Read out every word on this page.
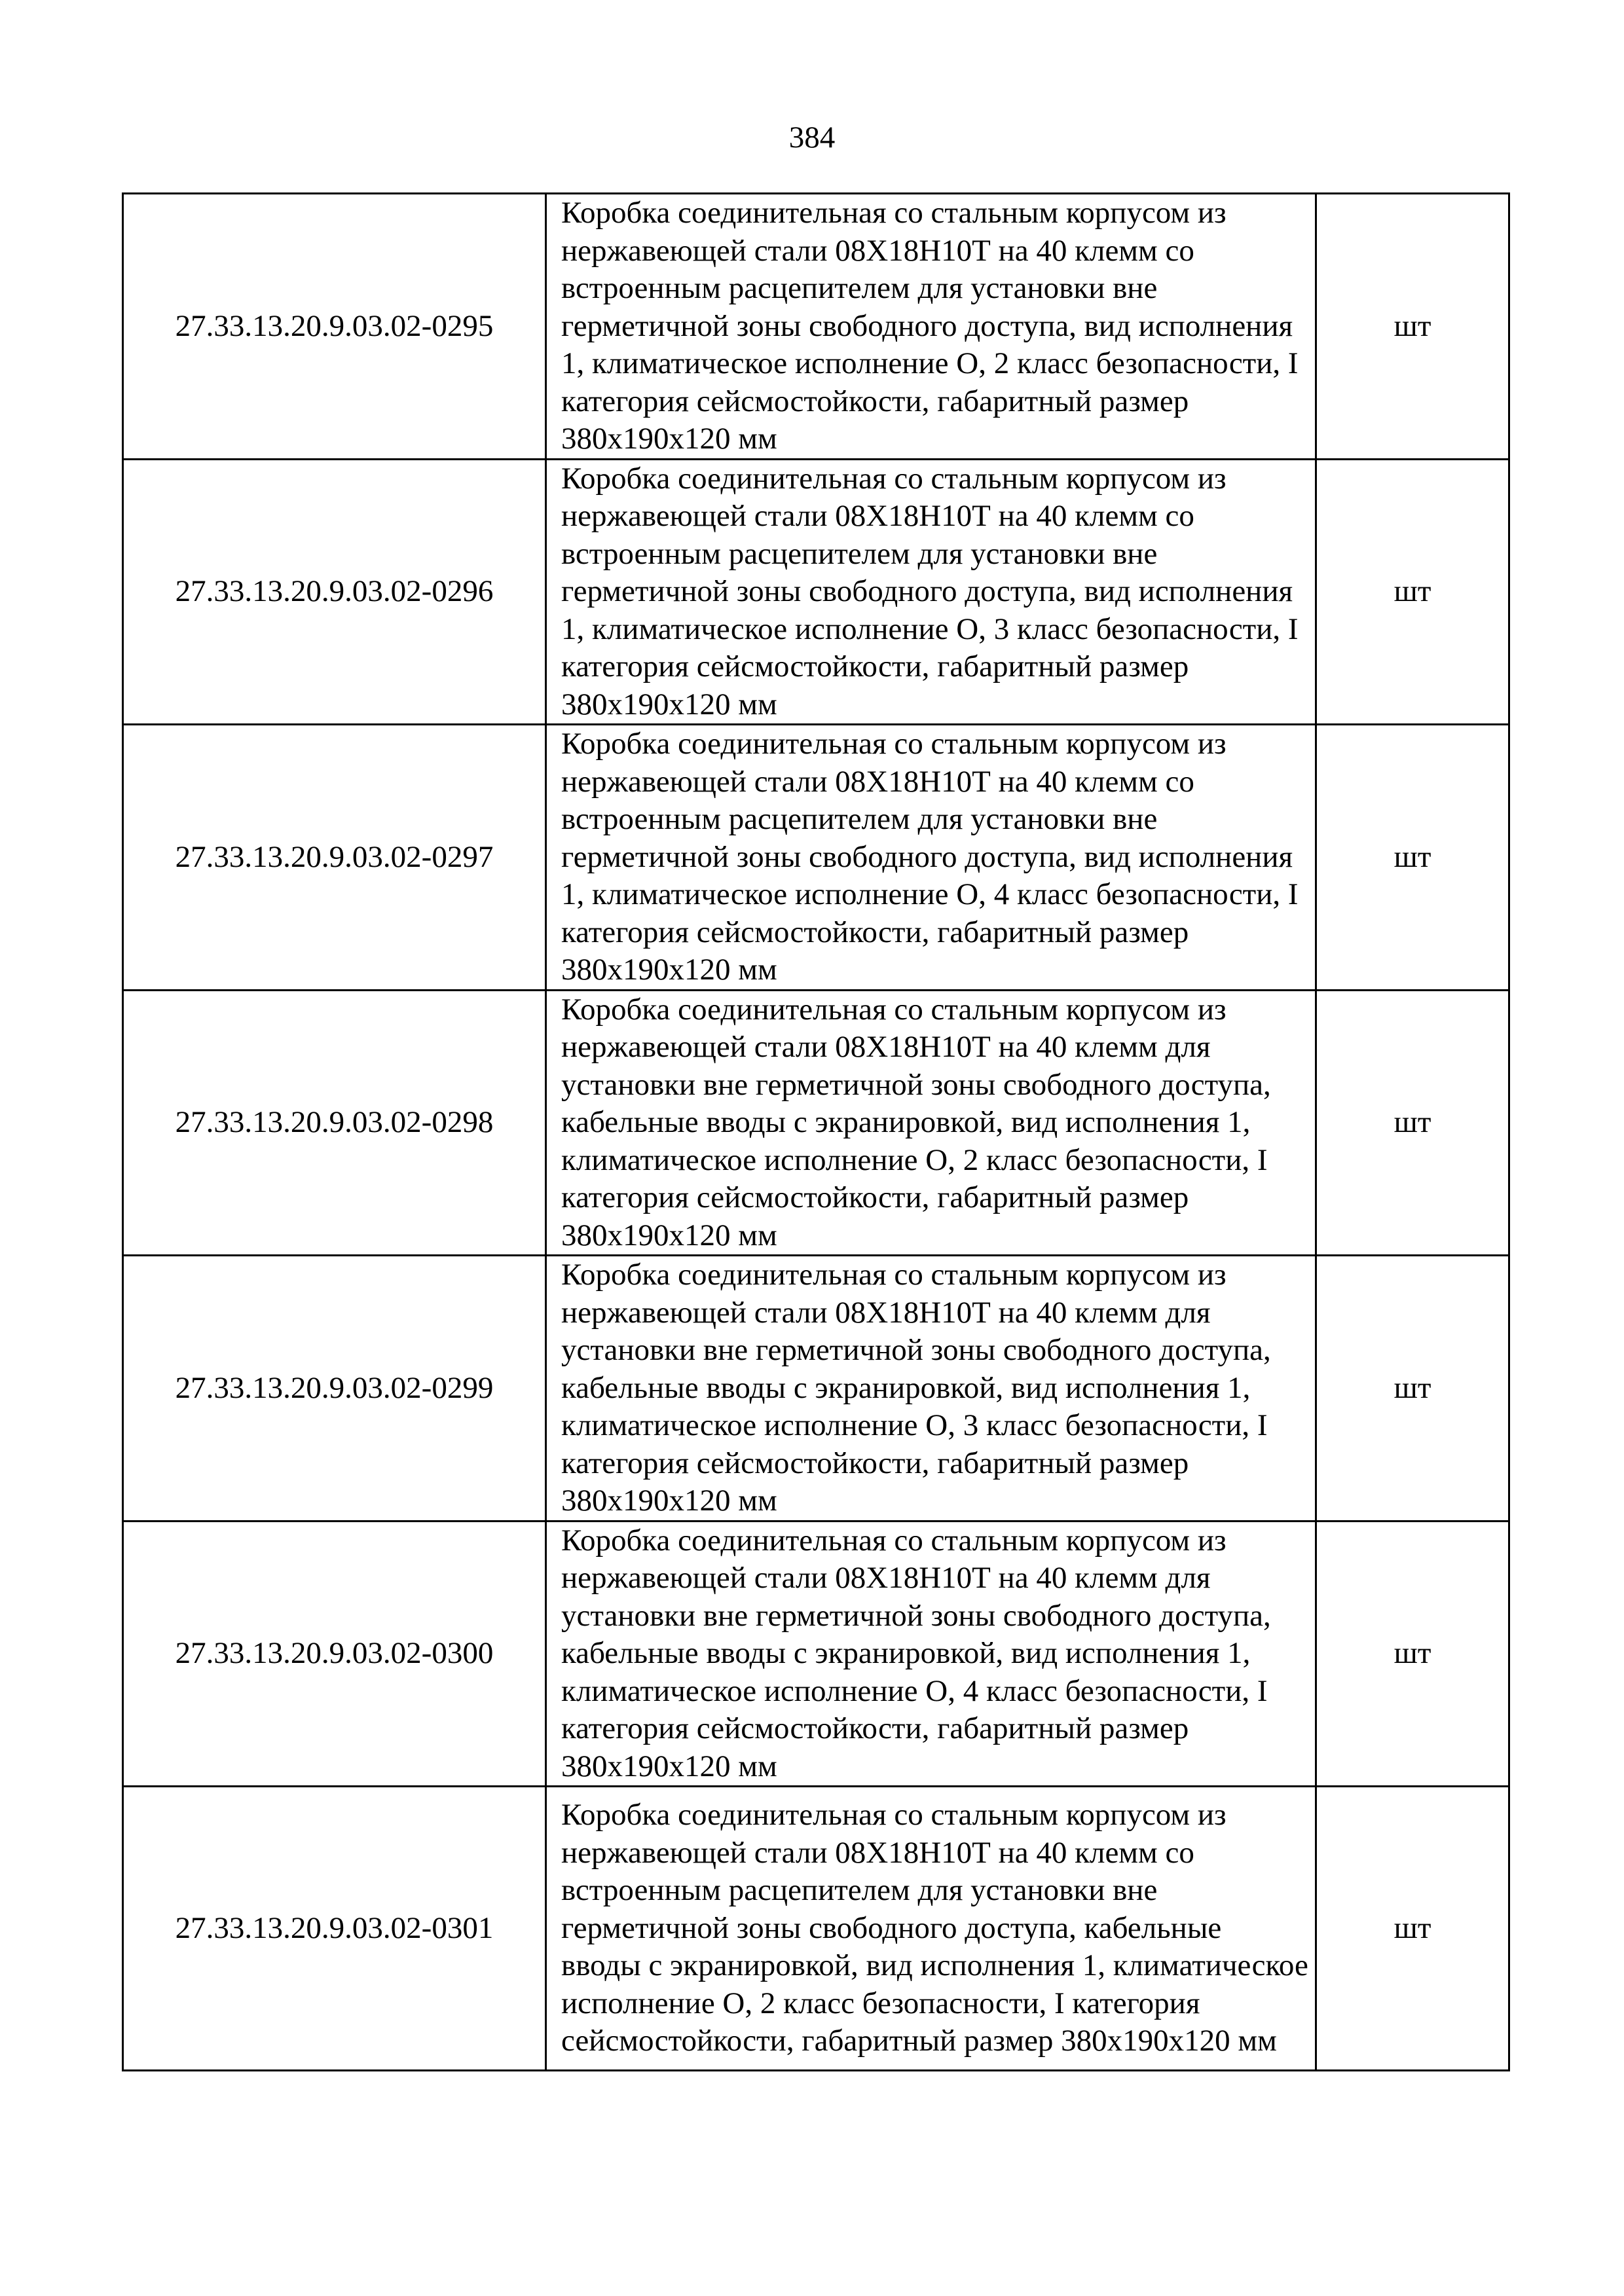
384
27.33.13.20.9.03.02-0295	Коробка соединительная со стальным корпусом из нержавеющей стали 08Х18Н10Т на 40 клемм со встроенным расцепителем для установки вне герметичной зоны свободного доступа, вид исполнения 1, климатическое исполнение О, 2 класс безопасности, I категория сейсмостойкости, габаритный размер 380х190х120 мм	шт
27.33.13.20.9.03.02-0296	Коробка соединительная со стальным корпусом из нержавеющей стали 08Х18Н10Т на 40 клемм со встроенным расцепителем для установки вне герметичной зоны свободного доступа, вид исполнения 1, климатическое исполнение О, 3 класс безопасности, I категория сейсмостойкости, габаритный размер 380х190х120 мм	шт
27.33.13.20.9.03.02-0297	Коробка соединительная со стальным корпусом из нержавеющей стали 08Х18Н10Т на 40 клемм со встроенным расцепителем для установки вне герметичной зоны свободного доступа, вид исполнения 1, климатическое исполнение О, 4 класс безопасности, I категория сейсмостойкости, габаритный размер 380х190х120 мм	шт
27.33.13.20.9.03.02-0298	Коробка соединительная со стальным корпусом из нержавеющей стали 08Х18Н10Т на 40 клемм для установки вне герметичной зоны свободного доступа, кабельные вводы с экранировкой, вид исполнения 1, климатическое исполнение О, 2 класс безопасности, I категория сейсмостойкости, габаритный размер 380х190х120 мм	шт
27.33.13.20.9.03.02-0299	Коробка соединительная со стальным корпусом из нержавеющей стали 08Х18Н10Т на 40 клемм для установки вне герметичной зоны свободного доступа, кабельные вводы с экранировкой, вид исполнения 1, климатическое исполнение О, 3 класс безопасности, I категория сейсмостойкости, габаритный размер 380х190х120 мм	шт
27.33.13.20.9.03.02-0300	Коробка соединительная со стальным корпусом из нержавеющей стали 08Х18Н10Т на 40 клемм для установки вне герметичной зоны свободного доступа, кабельные вводы с экранировкой, вид исполнения 1, климатическое исполнение О, 4 класс безопасности, I категория сейсмостойкости, габаритный размер 380х190х120 мм	шт
27.33.13.20.9.03.02-0301	Коробка соединительная со стальным корпусом из нержавеющей стали 08Х18Н10Т на 40 клемм со встроенным расцепителем для установки вне герметичной зоны свободного доступа, кабельные вводы с экранировкой, вид исполнения 1, климатическое исполнение О, 2 класс безопасности, I категория сейсмостойкости, габаритный размер 380х190х120 мм	шт
